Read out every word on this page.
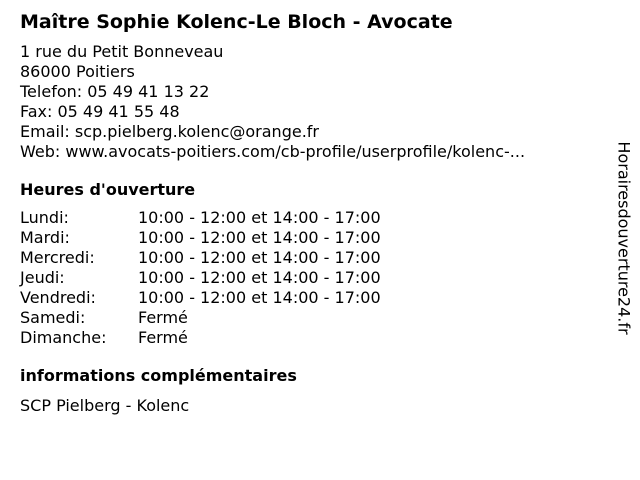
Maître Sophie Kolenc-Le Bloch - Avocate
1 rue du Petit Bonneveau
86000 Poitiers
Telefon: 05 49 41 13 22
Fax: 05 49 41 55 48
Email: scp.pielberg.kolenc@orange.fr
Web: www.avocats-poitiers.com/cb-profile/userprofile/kolenc-...
Heures d'ouverture
Lundi:	10:00 - 12:00 et 14:00 - 17:00
Mardi:	10:00 - 12:00 et 14:00 - 17:00
Mercredi:	10:00 - 12:00 et 14:00 - 17:00
Jeudi:	10:00 - 12:00 et 14:00 - 17:00
Vendredi:	10:00 - 12:00 et 14:00 - 17:00
Samedi:	Fermé
Dimanche:	Fermé
informations complémentaires
SCP Pielberg - Kolenc
Horairesdouverture24.fr
